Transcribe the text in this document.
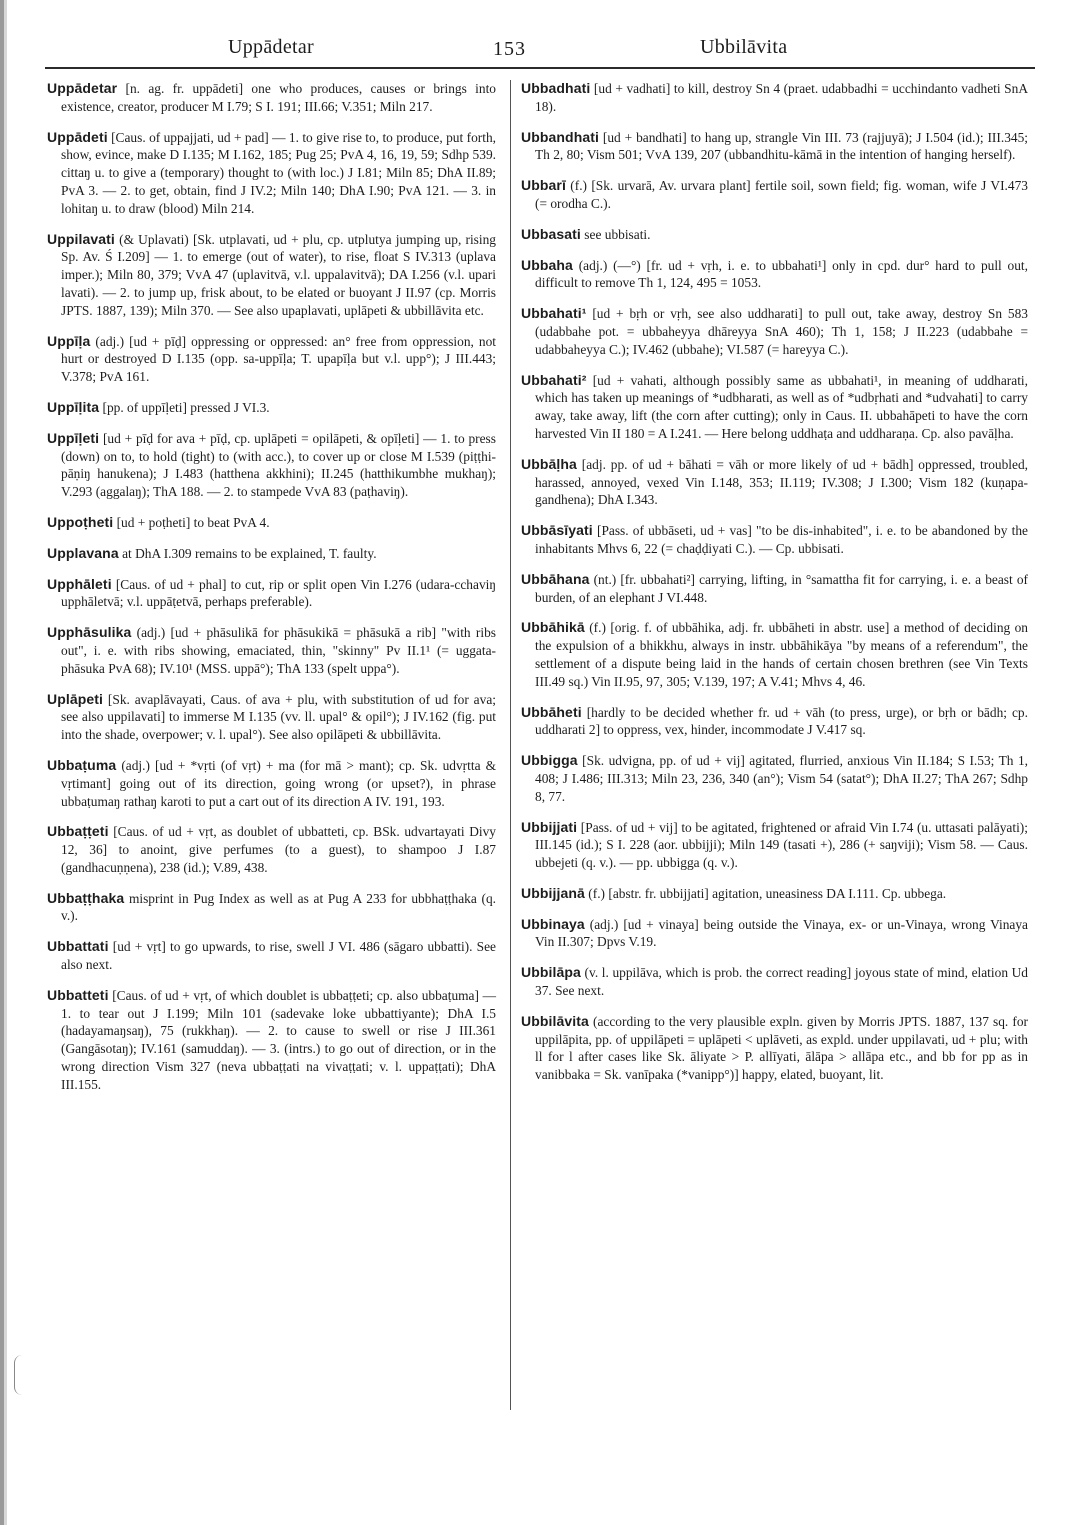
Uppādetar	153	Ubbilāvita

Uppādetar [n. ag. fr. uppādeti] one who produces, causes or brings into existence, creator, producer M I.79; S I. 191; III.66; V.351; Miln 217.

Uppādeti [Caus. of uppajjati, ud + pad] — 1. to give rise to, to produce, put forth, show, evince, make D I.135; M I.162, 185; Pug 25; PvA 4, 16, 19, 59; Sdhp 539. cittaŋ u. to give a (temporary) thought to (with loc.) J I.81; Miln 85; DhA II.89; PvA 3. — 2. to get, obtain, find J IV.2; Miln 140; DhA I.90; PvA 121. — 3. in lohitaŋ u. to draw (blood) Miln 214.

Uppilavati (& Uplavati) [Sk. utplavati, ud + plu, cp. utplutya jumping up, rising Sp. Av. Ś I.209] — 1. to emerge (out of water), to rise, float S IV.313 (uplava imper.); Miln 80, 379; VvA 47 (uplavitvā, v.l. uppalavitvā); DA I.256 (v.l. upari lavati). — 2. to jump up, frisk about, to be elated or buoyant J II.97 (cp. Morris JPTS. 1887, 139); Miln 370. — See also upaplavati, uplāpeti & ubbillāvita etc.

Uppīḷa (adj.) [ud + pīḍ] oppressing or oppressed: an° free from oppression, not hurt or destroyed D I.135 (opp. sa-uppīḷa; T. upapīḷa but v.l. upp°); J III.443; V.378; PvA 161.

Uppīḷita [pp. of uppīḷeti] pressed J VI.3.

Uppīḷeti [ud + pīḍ for ava + pīḍ, cp. uplāpeti = opilāpeti, & opīḷeti] — 1. to press (down) on to, to hold (tight) to (with acc.), to cover up or close M I.539 (piṭṭhi-pāṇiŋ hanukena); J I.483 (hatthena akkhini); II.245 (hatthikumbhe mukhaŋ); V.293 (aggalaŋ); ThA 188. — 2. to stampede VvA 83 (paṭhaviŋ).

Uppoṭheti [ud + poṭheti] to beat PvA 4.

Upplavana at DhA I.309 remains to be explained, T. faulty.

Upphāleti [Caus. of ud + phal] to cut, rip or split open Vin I.276 (udara-cchaviŋ upphāletvā; v.l. uppāṭetvā, perhaps preferable).

Upphāsulika (adj.) [ud + phāsulikā for phāsukikā = phāsukā a rib] "with ribs out", i. e. with ribs showing, emaciated, thin, "skinny" Pv II.1¹ (= uggata-phāsuka PvA 68); IV.10¹ (MSS. uppā°); ThA 133 (spelt uppa°).

Uplāpeti [Sk. avaplāvayati, Caus. of ava + plu, with substitution of ud for ava; see also uppilavati] to immerse M I.135 (vv. ll. upal° & opil°); J IV.162 (fig. put into the shade, overpower; v. l. upal°). See also opilāpeti & ubbillāvita.

Ubbaṭuma (adj.) [ud + *vṛti (of vṛt) + ma (for mā > mant); cp. Sk. udvṛtta & vṛtimant] going out of its direction, going wrong (or upset?), in phrase ubbaṭumaŋ rathaŋ karoti to put a cart out of its direction A IV. 191, 193.

Ubbaṭṭeti [Caus. of ud + vṛt, as doublet of ubbatteti, cp. BSk. udvartayati Divy 12, 36] to anoint, give perfumes (to a guest), to shampoo J I.87 (gandhacuṇṇena), 238 (id.); V.89, 438.

Ubbaṭṭhaka misprint in Pug Index as well as at Pug A 233 for ubbhaṭṭhaka (q. v.).

Ubbattati [ud + vṛt] to go upwards, to rise, swell J VI. 486 (sāgaro ubbatti). See also next.

Ubbatteti [Caus. of ud + vṛt, of which doublet is ubbaṭṭeti; cp. also ubbaṭuma] — 1. to tear out J I.199; Miln 101 (sadevake loke ubbattiyante); DhA I.5 (hadayamaŋsaŋ), 75 (rukkhaŋ). — 2. to cause to swell or rise J III.361 (Gangāsotaŋ); IV.161 (samuddaŋ). — 3. (intrs.) to go out of direction, or in the wrong direction Vism 327 (neva ubbaṭṭati na vivaṭṭati; v. l. uppaṭṭati); DhA III.155.

Ubbadhati [ud + vadhati] to kill, destroy Sn 4 (praet. udabbadhi = ucchindanto vadheti SnA 18).

Ubbandhati [ud + bandhati] to hang up, strangle Vin III. 73 (rajjuyā); J I.504 (id.); III.345; Th 2, 80; Vism 501; VvA 139, 207 (ubbandhitu-kāmā in the intention of hanging herself).

Ubbarī (f.) [Sk. urvarā, Av. urvara plant] fertile soil, sown field; fig. woman, wife J VI.473 (= orodha C.).

Ubbasati see ubbisati.

Ubbaha (adj.) (—°) [fr. ud + vṛh, i. e. to ubbahati¹] only in cpd. dur° hard to pull out, difficult to remove Th 1, 124, 495 = 1053.

Ubbahati¹ [ud + bṛh or vṛh, see also uddharati] to pull out, take away, destroy Sn 583 (udabbahe pot. = ubbaheyya dhāreyya SnA 460); Th 1, 158; J II.223 (udabbahe = udabbaheyya C.); IV.462 (ubbahe); VI.587 (= hareyya C.).

Ubbahati² [ud + vahati, although possibly same as ubbahati¹, in meaning of uddharati, which has taken up meanings of *udbharati, as well as of *udbṛhati and *udvahati] to carry away, take away, lift (the corn after cutting); only in Caus. II. ubbahāpeti to have the corn harvested Vin II 180 = A I.241. — Here belong uddhaṭa and uddharaṇa. Cp. also pavāḷha.

Ubbāḷha [adj. pp. of ud + bāhati = vāh or more likely of ud + bādh] oppressed, troubled, harassed, annoyed, vexed Vin I.148, 353; II.119; IV.308; J I.300; Vism 182 (kuṇapa-gandhena); DhA I.343.

Ubbāsīyati [Pass. of ubbāseti, ud + vas] "to be dis-inhabited", i. e. to be abandoned by the inhabitants Mhvs 6, 22 (= chaḍḍiyati C.). — Cp. ubbisati.

Ubbāhana (nt.) [fr. ubbahati²] carrying, lifting, in °samattha fit for carrying, i. e. a beast of burden, of an elephant J VI.448.

Ubbāhikā (f.) [orig. f. of ubbāhika, adj. fr. ubbāheti in abstr. use] a method of deciding on the expulsion of a bhikkhu, always in instr. ubbāhikāya "by means of a referendum", the settlement of a dispute being laid in the hands of certain chosen brethren (see Vin Texts III.49 sq.) Vin II.95, 97, 305; V.139, 197; A V.41; Mhvs 4, 46.

Ubbāheti [hardly to be decided whether fr. ud + vāh (to press, urge), or bṛh or bādh; cp. uddharati 2] to oppress, vex, hinder, incommodate J V.417 sq.

Ubbigga [Sk. udvigna, pp. of ud + vij] agitated, flurried, anxious Vin II.184; S I.53; Th 1, 408; J I.486; III.313; Miln 23, 236, 340 (an°); Vism 54 (satat°); DhA II.27; ThA 267; Sdhp 8, 77.

Ubbijjati [Pass. of ud + vij] to be agitated, frightened or afraid Vin I.74 (u. uttasati palāyati); III.145 (id.); S I. 228 (aor. ubbijji); Miln 149 (tasati +), 286 (+ saŋviji); Vism 58. — Caus. ubbejeti (q. v.). — pp. ubbigga (q. v.).

Ubbijjanā (f.) [abstr. fr. ubbijjati] agitation, uneasiness DA I.111. Cp. ubbega.

Ubbinaya (adj.) [ud + vinaya] being outside the Vinaya, ex- or un-Vinaya, wrong Vinaya Vin II.307; Dpvs V.19.

Ubbilāpa (v. l. uppilāva, which is prob. the correct reading] joyous state of mind, elation Ud 37. See next.

Ubbilāvita (according to the very plausible expln. given by Morris JPTS. 1887, 137 sq. for uppilāpita, pp. of uppilāpeti = uplāpeti < uplāveti, as expld. under uppilavati, ud + plu; with ll for l after cases like Sk. āliyate > P. allīyati, ālāpa > allāpa etc., and bb for pp as in vanibbaka = Sk. vanīpaka (*vanipp°)] happy, elated, buoyant, lit.
